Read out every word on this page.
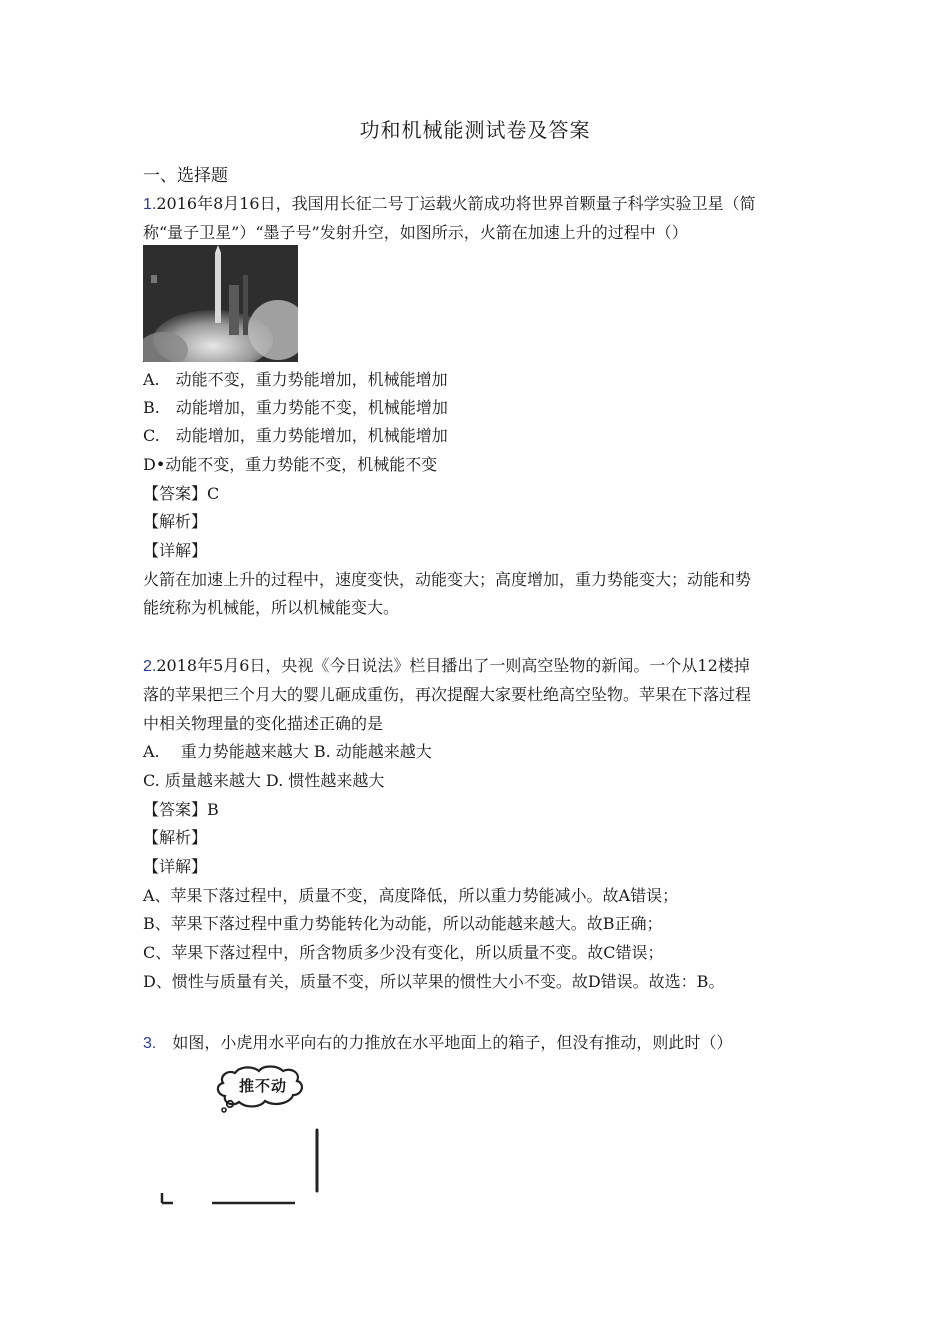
功和机械能测试卷及答案
一、选择题
1.2016年8月16日，我国用长征二号丁运载火箭成功将世界首颗量子科学实验卫星（简
称“量子卫星”）“墨子号”发射升空，如图所示，火箭在加速上升的过程中（）
A.　动能不变，重力势能增加，机械能增加
B.　动能增加，重力势能不变，机械能增加
C.　动能增加，重力势能增加，机械能增加
D•动能不变，重力势能不变，机械能不变
【答案】C
【解析】
【详解】
火箭在加速上升的过程中，速度变快，动能变大；高度增加，重力势能变大；动能和势
能统称为机械能，所以机械能变大。
2.2018年5月6日，央视《今日说法》栏目播出了一则高空坠物的新闻。一个从12楼掉
落的苹果把三个月大的婴儿砸成重伤，再次提醒大家要杜绝高空坠物。苹果在下落过程
中相关物理量的变化描述正确的是
A.　 重力势能越来越大 B. 动能越来越大
C. 质量越来越大 D. 惯性越来越大
【答案】B
【解析】
【详解】
A、苹果下落过程中，质量不变，高度降低，所以重力势能减小。故A错误；
B、苹果下落过程中重力势能转化为动能，所以动能越来越大。故B正确；
C、苹果下落过程中，所含物质多少没有变化，所以质量不变。故C错误；
D、惯性与质量有关，质量不变，所以苹果的惯性大小不变。故D错误。故选：B。
3.　如图，小虎用水平向右的力推放在水平地面上的箱子，但没有推动，则此时（）
推不动
